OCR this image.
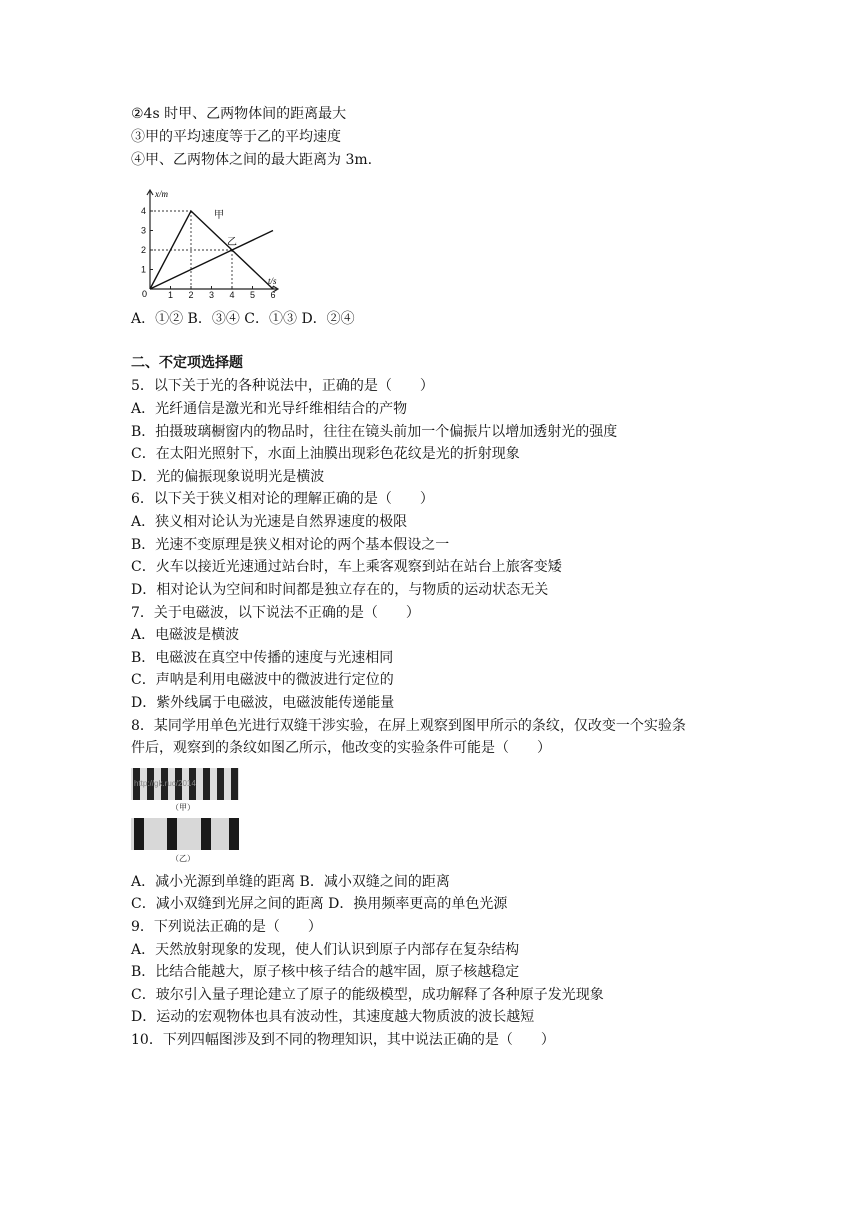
②4s 时甲、乙两物体间的距离最大
③甲的平均速度等于乙的平均速度
④甲、乙两物体之间的最大距离为 3m.
1 2 3 4 5 6
1
2
3
4
x/m
t/s
0
甲
乙
A．①② B．③④ C．①③ D．②④
二、不定项选择题
5．以下关于光的各种说法中，正确的是（　　）
A．光纤通信是激光和光导纤维相结合的产物
B．拍摄玻璃橱窗内的物品时，往往在镜头前加一个偏振片以增加透射光的强度
C．在太阳光照射下，水面上油膜出现彩色花纹是光的折射现象
D．光的偏振现象说明光是横波
6．以下关于狭义相对论的理解正确的是（　　）
A．狭义相对论认为光速是自然界速度的极限
B．光速不变原理是狭义相对论的两个基本假设之一
C．火车以接近光速通过站台时，车上乘客观察到站在站台上旅客变矮
D．相对论认为空间和时间都是独立存在的，与物质的运动状态无关
7．关于电磁波，以下说法不正确的是（　　）
A．电磁波是横波
B．电磁波在真空中传播的速度与光速相同
C．声呐是利用电磁波中的微波进行定位的
D．紫外线属于电磁波，电磁波能传递能量
8．某同学用单色光进行双缝干涉实验，在屏上观察到图甲所示的条纹，仅改变一个实验条
件后，观察到的条纹如图乙所示，他改变的实验条件可能是（　　）
http://gk.ruc/2014
（甲）
（乙）
A．减小光源到单缝的距离 B．减小双缝之间的距离
C．减小双缝到光屏之间的距离 D．换用频率更高的单色光源
9．下列说法正确的是（　　）
A．天然放射现象的发现，使人们认识到原子内部存在复杂结构
B．比结合能越大，原子核中核子结合的越牢固，原子核越稳定
C．玻尔引入量子理论建立了原子的能级模型，成功解释了各种原子发光现象
D．运动的宏观物体也具有波动性，其速度越大物质波的波长越短
10．下列四幅图涉及到不同的物理知识，其中说法正确的是（　　）
